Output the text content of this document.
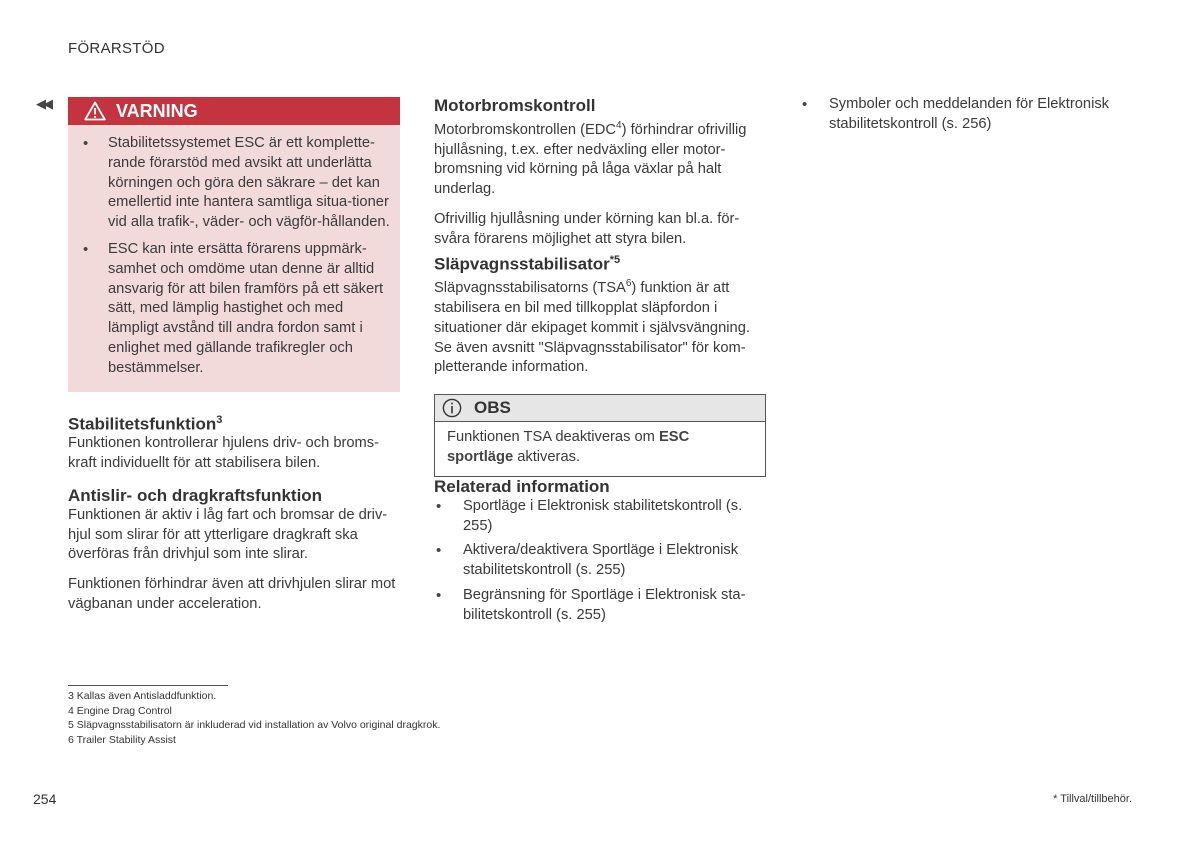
FÖRARSTÖD
◀◀	VARNING
• Stabilitetssystemet ESC är ett komplette-rande förarstöd med avsikt att underlätta körningen och göra den säkrare – det kan emellertid inte hantera samtliga situa-tioner vid alla trafik-, väder- och vägför-hållanden.
• ESC kan inte ersätta förarens uppmärk-samhet och omdöme utan denne är alltid ansvarig för att bilen framförs på ett säkert sätt, med lämplig hastighet och med lämpligt avstånd till andra fordon samt i enlighet med gällande trafikregler och bestämmelser.
Stabilitetsfunktion$^3$

Funktionen kontrollerar hjulens driv- och broms-kraft individuellt för att stabilisera bilen.

Antislir- och dragkraftsfunktion

Funktionen är aktiv i låg fart och bromsar de driv-hjul som slirar för att ytterligare dragkraft ska överföras från drivhjul som inte slirar.

Funktionen förhindrar även att drivhjulen slirar mot vägbanan under acceleration.

Motorbromskontroll

Motorbromskontrollen (EDC$^4$) förhindrar ofrivillig hjullåsning, t.ex. efter nedväxling eller motor-bromsning vid körning på låga växlar på halt underlag.

Ofrivillig hjullåsning under körning kan bl.a. för-svåra förarens möjlighet att styra bilen.

Släpvagnsstabilisator$^{*5}$

Släpvagnsstabilisatorns (TSA$^6$) funktion är att stabilisera en bil med tillkopplat släpfordon i situationer där ekipaget kommit i självsvängning. Se även avsnitt "Släpvagnsstabilisator" för kom-pletterande information.

OBS
Funktionen TSA deaktiveras om ESC sportläge aktiveras.
Relaterad information
• Sportläge i Elektronisk stabilitetskontroll (s. 255)
• Aktivera/deaktivera Sportläge i Elektronisk stabilitetskontroll (s. 255)
• Begränsning för Sportläge i Elektronisk sta-bilitetskontroll (s. 255)
• Symboler och meddelanden för Elektronisk stabilitetskontroll (s. 256)
3 Kallas även Antisladdfunktion.
4 Engine Drag Control
5 Släpvagnsstabilisatorn är inkluderad vid installation av Volvo original dragkrok.
6 Trailer Stability Assist
254	* Tillval/tillbehör.
